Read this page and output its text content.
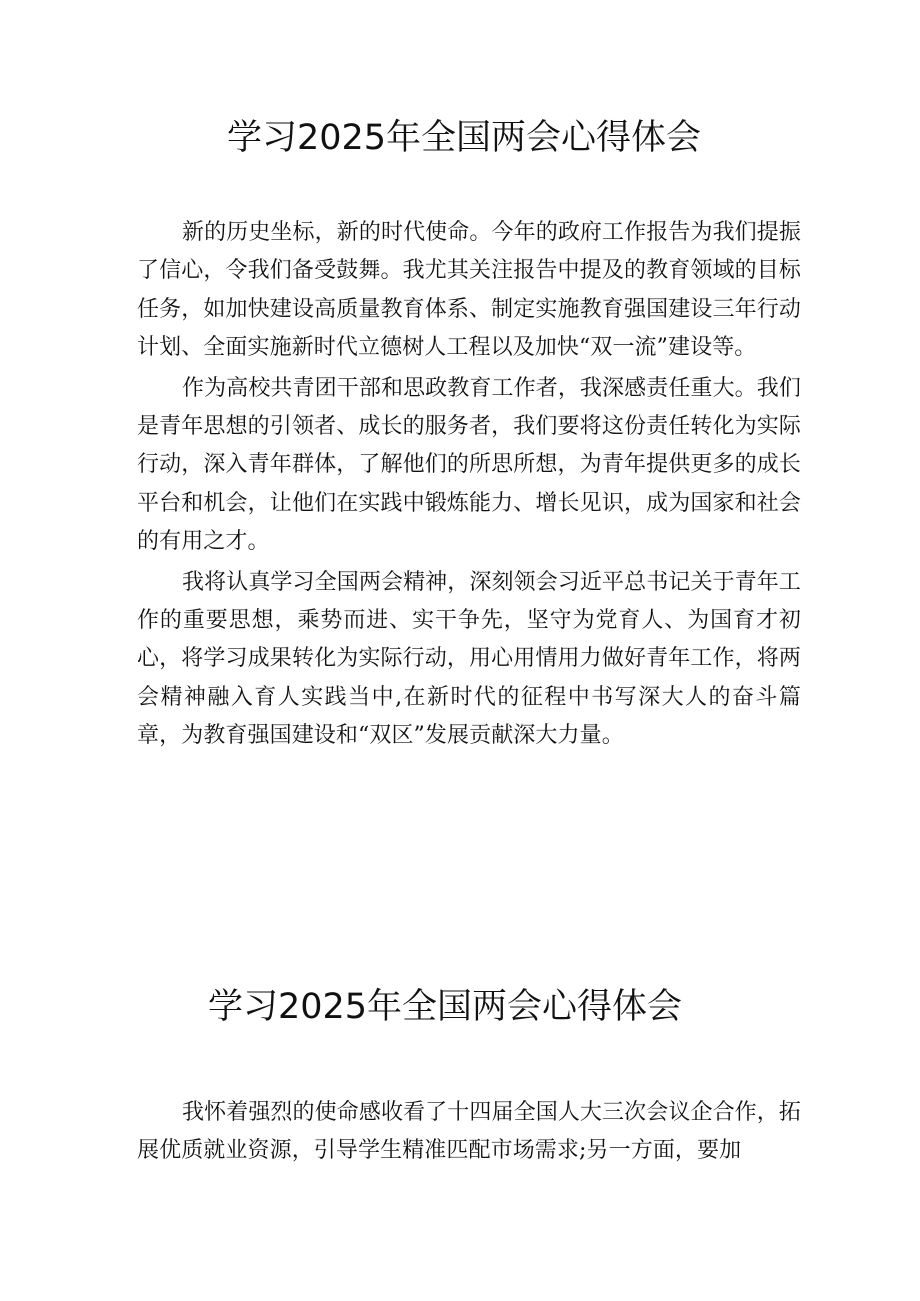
学习2025年全国两会心得体会

新的历史坐标，新的时代使命。今年的政府工作报告为我们提振了信心，令我们备受鼓舞。我尤其关注报告中提及的教育领域的目标任务，如加快建设高质量教育体系、制定实施教育强国建设三年行动计划、全面实施新时代立德树人工程以及加快“双一流”建设等。

作为高校共青团干部和思政教育工作者，我深感责任重大。我们是青年思想的引领者、成长的服务者，我们要将这份责任转化为实际行动，深入青年群体，了解他们的所思所想，为青年提供更多的成长平台和机会，让他们在实践中锻炼能力、增长见识，成为国家和社会的有用之才。

我将认真学习全国两会精神，深刻领会习近平总书记关于青年工作的重要思想，乘势而进、实干争先，坚守为党育人、为国育才初心，将学习成果转化为实际行动，用心用情用力做好青年工作，将两会精神融入育人实践当中,在新时代的征程中书写深大人的奋斗篇章，为教育强国建设和“双区”发展贡献深大力量。

学习2025年全国两会心得体会

我怀着强烈的使命感收看了十四届全国人大三次会议企合作，拓展优质就业资源，引导学生精准匹配市场需求;另一方面，要加
